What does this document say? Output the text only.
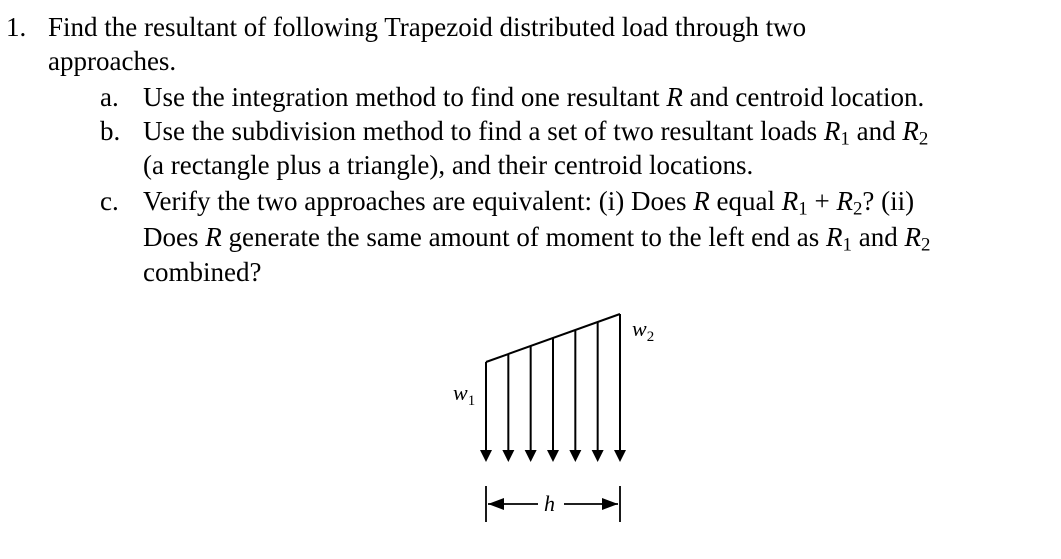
1. Find the resultant of following Trapezoid distributed load through two
approaches.
a. Use the integration method to find one resultant R and centroid location.
b. Use the subdivision method to find a set of two resultant loads $R_1$ and $R_2$
(a rectangle plus a triangle), and their centroid locations.
c. Verify the two approaches are equivalent: (i) Does R equal $R_1 + R_2$? (ii)
Does R generate the same amount of moment to the left end as $R_1$ and $R_2$
combined?
$w_1$
$w_2$
h
